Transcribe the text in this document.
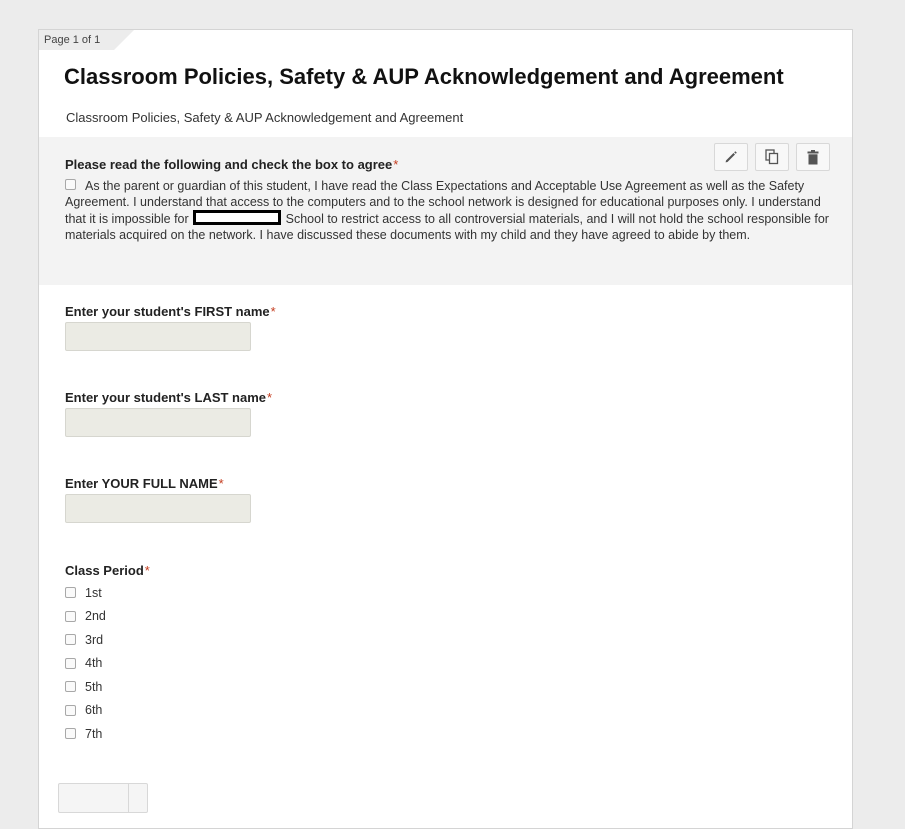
Page 1 of 1
Classroom Policies, Safety & AUP Acknowledgement and Agreement
Classroom Policies, Safety & AUP Acknowledgement and Agreement
Please read the following and check the box to agree*
As the parent or guardian of this student, I have read the Class Expectations and Acceptable Use Agreement as well as the Safety Agreement. I understand that access to the computers and to the school network is designed for educational purposes only. I understand that it is impossible for	School to restrict access to all controversial materials, and I will not hold the school responsible for materials acquired on the network. I have discussed these documents with my child and they have agreed to abide by them.
Enter your student's FIRST name*
Enter your student's LAST name*
Enter YOUR FULL NAME*
Class Period*
1st
2nd
3rd
4th
5th
6th
7th
